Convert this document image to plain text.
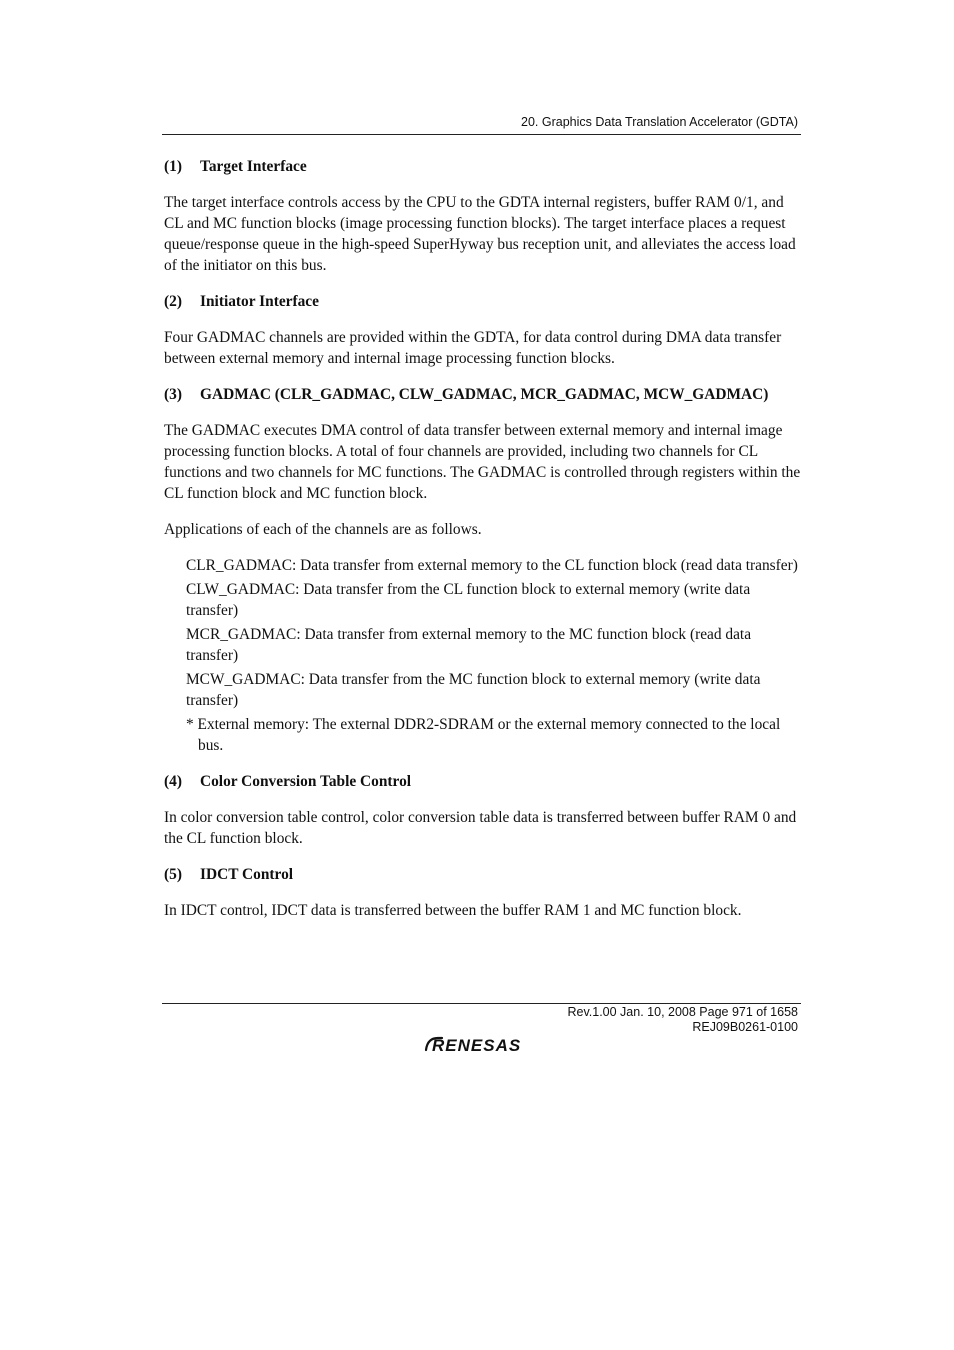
20. Graphics Data Translation Accelerator (GDTA)
(1) Target Interface

The target interface controls access by the CPU to the GDTA internal registers, buffer RAM 0/1, and CL and MC function blocks (image processing function blocks). The target interface places a request queue/response queue in the high-speed SuperHyway bus reception unit, and alleviates the access load of the initiator on this bus.

(2) Initiator Interface

Four GADMAC channels are provided within the GDTA, for data control during DMA data transfer between external memory and internal image processing function blocks.

(3) GADMAC (CLR_GADMAC, CLW_GADMAC, MCR_GADMAC, MCW_GADMAC)

The GADMAC executes DMA control of data transfer between external memory and internal image processing function blocks. A total of four channels are provided, including two channels for CL functions and two channels for MC functions. The GADMAC is controlled through registers within the CL function block and MC function block.

Applications of each of the channels are as follows.

CLR_GADMAC: Data transfer from external memory to the CL function block (read data transfer)
CLW_GADMAC: Data transfer from the CL function block to external memory (write data transfer)
MCR_GADMAC: Data transfer from external memory to the MC function block (read data transfer)
MCW_GADMAC: Data transfer from the MC function block to external memory (write data transfer)
* External memory: The external DDR2-SDRAM or the external memory connected to the local bus.
(4) Color Conversion Table Control

In color conversion table control, color conversion table data is transferred between buffer RAM 0 and the CL function block.

(5) IDCT Control

In IDCT control, IDCT data is transferred between the buffer RAM 1 and MC function block.

Rev.1.00 Jan. 10, 2008 Page 971 of 1658
REJ09B0261-0100
RENESAS
